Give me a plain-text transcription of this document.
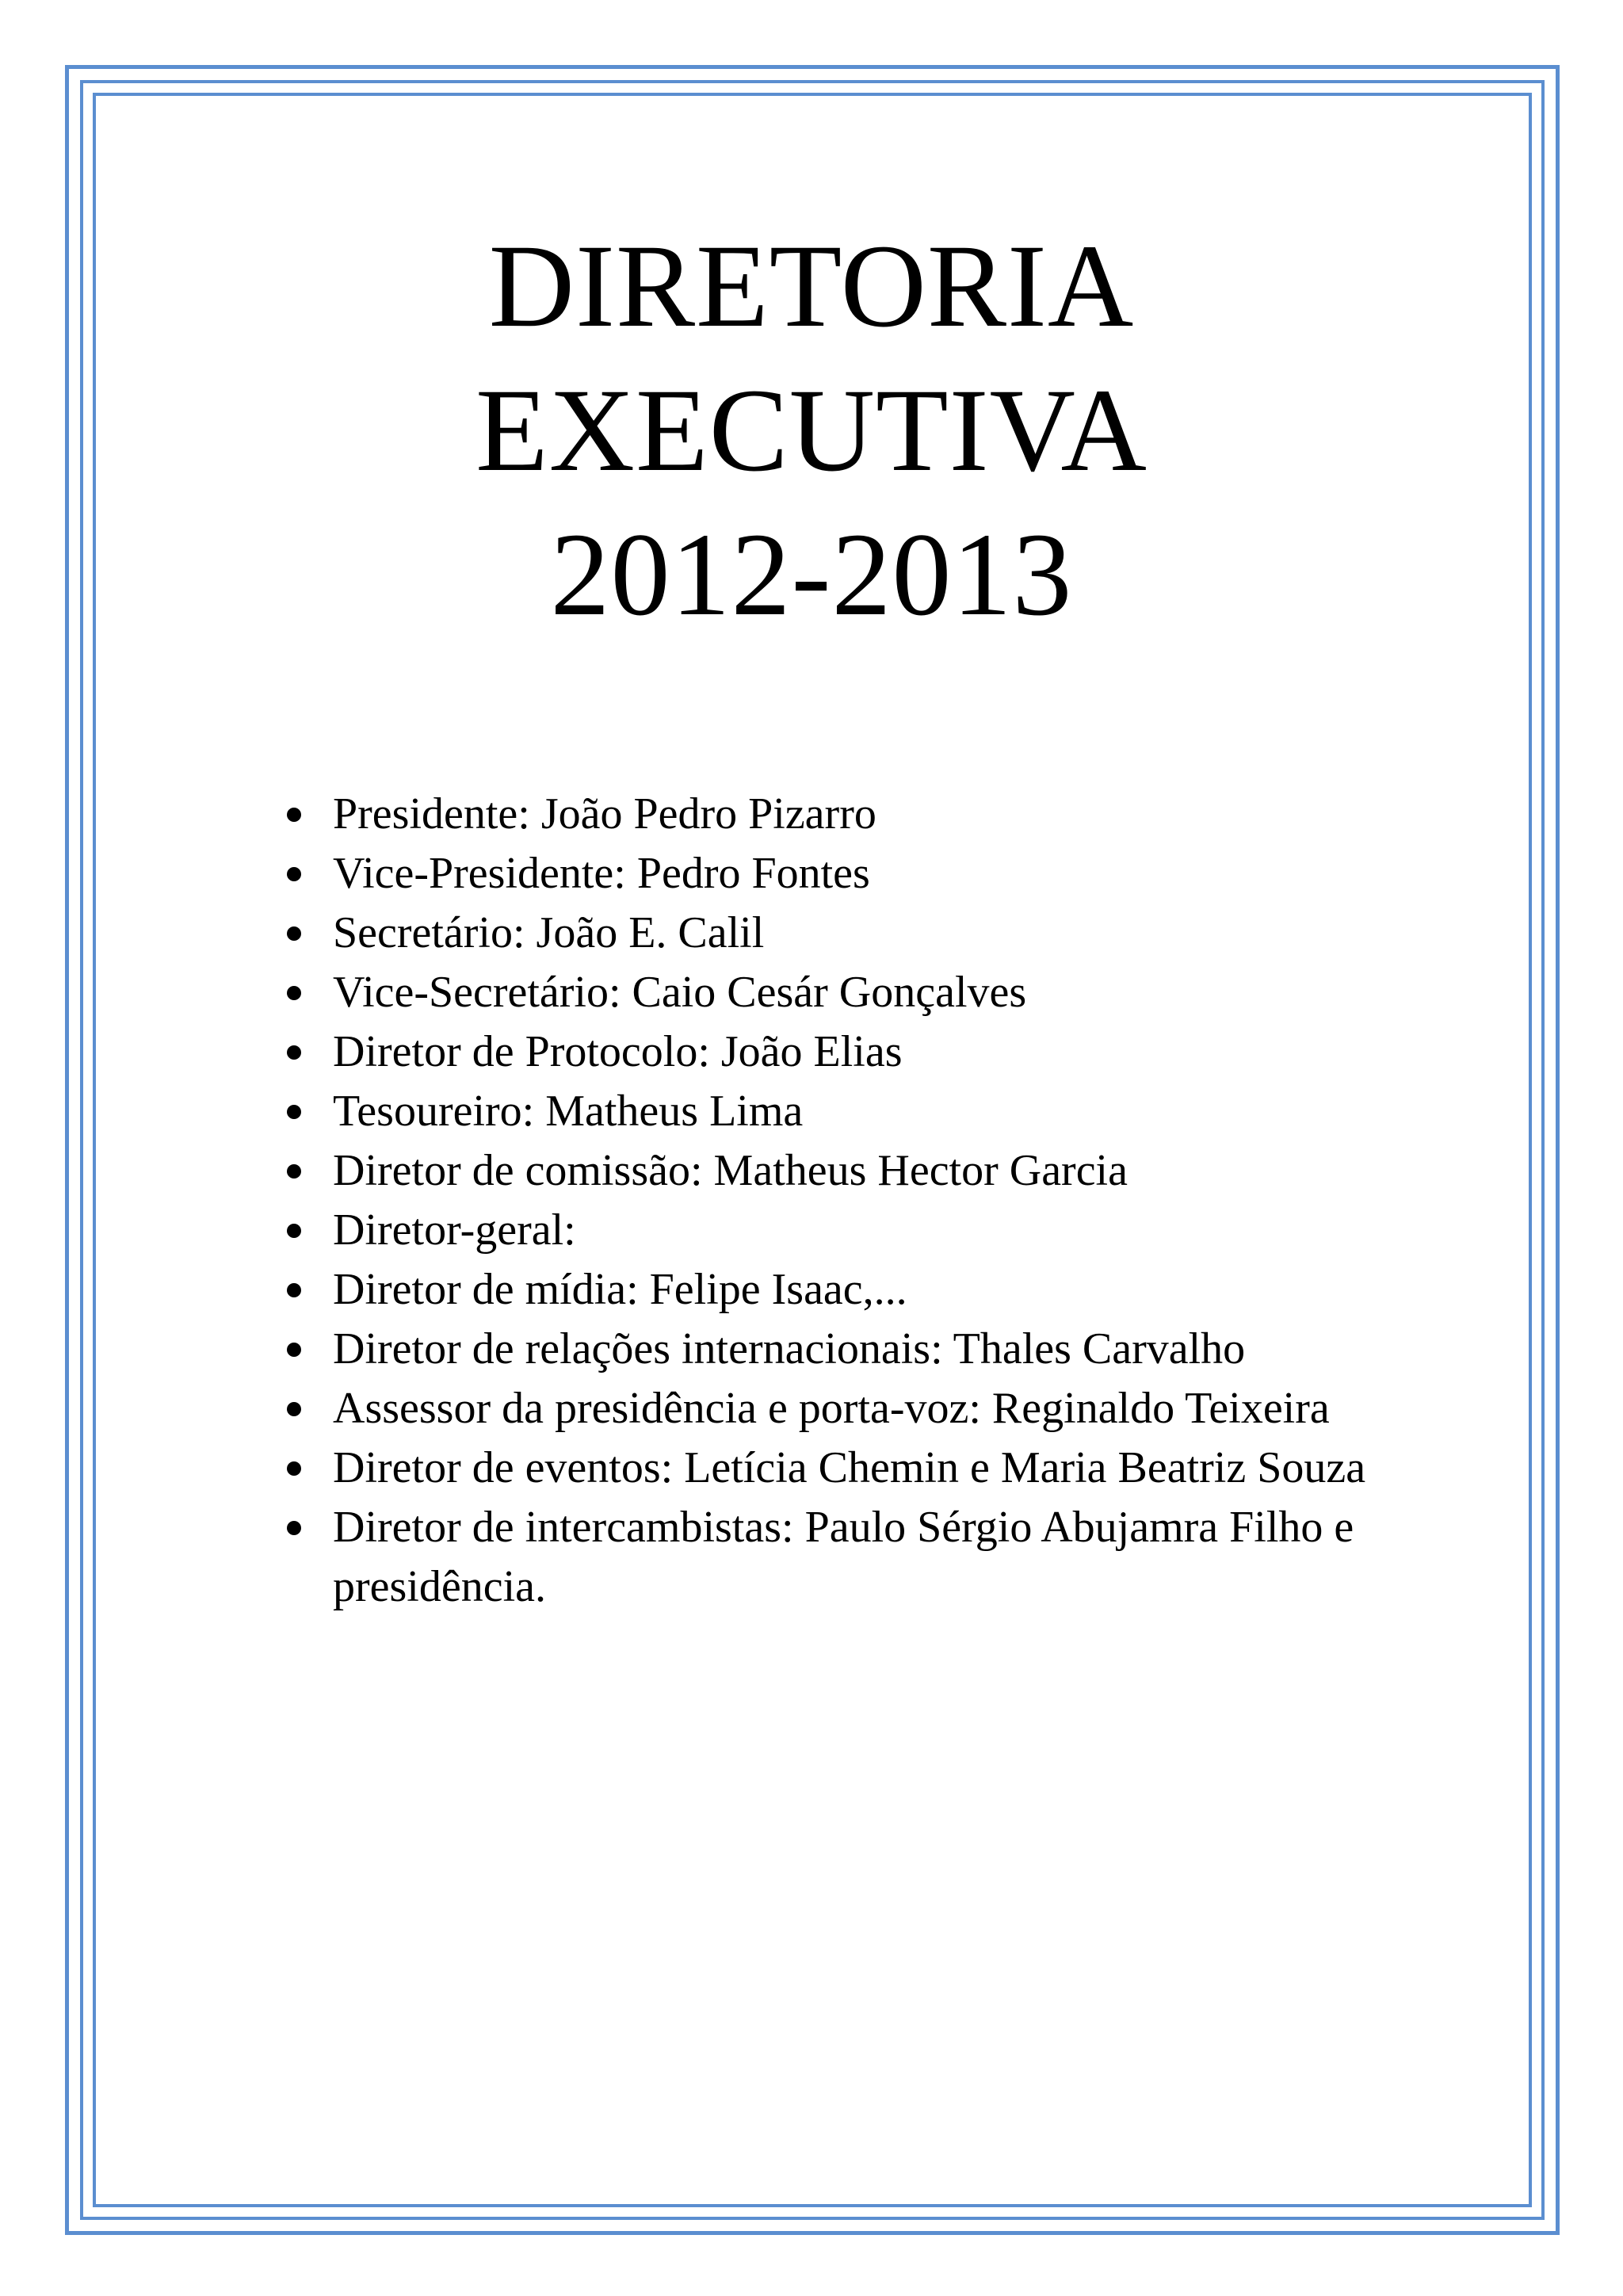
DIRETORIA
EXECUTIVA
2012-2013
Presidente: João Pedro Pizarro
Vice-Presidente: Pedro Fontes
Secretário: João E. Calil
Vice-Secretário: Caio Cesár Gonçalves
Diretor de Protocolo: João Elias
Tesoureiro: Matheus Lima
Diretor de comissão: Matheus Hector Garcia
Diretor-geral:
Diretor de mídia: Felipe Isaac,...
Diretor de relações internacionais: Thales Carvalho
Assessor da presidência e porta-voz: Reginaldo Teixeira
Diretor de eventos: Letícia Chemin e Maria Beatriz Souza
Diretor de intercambistas: Paulo Sérgio Abujamra Filho e presidência.
